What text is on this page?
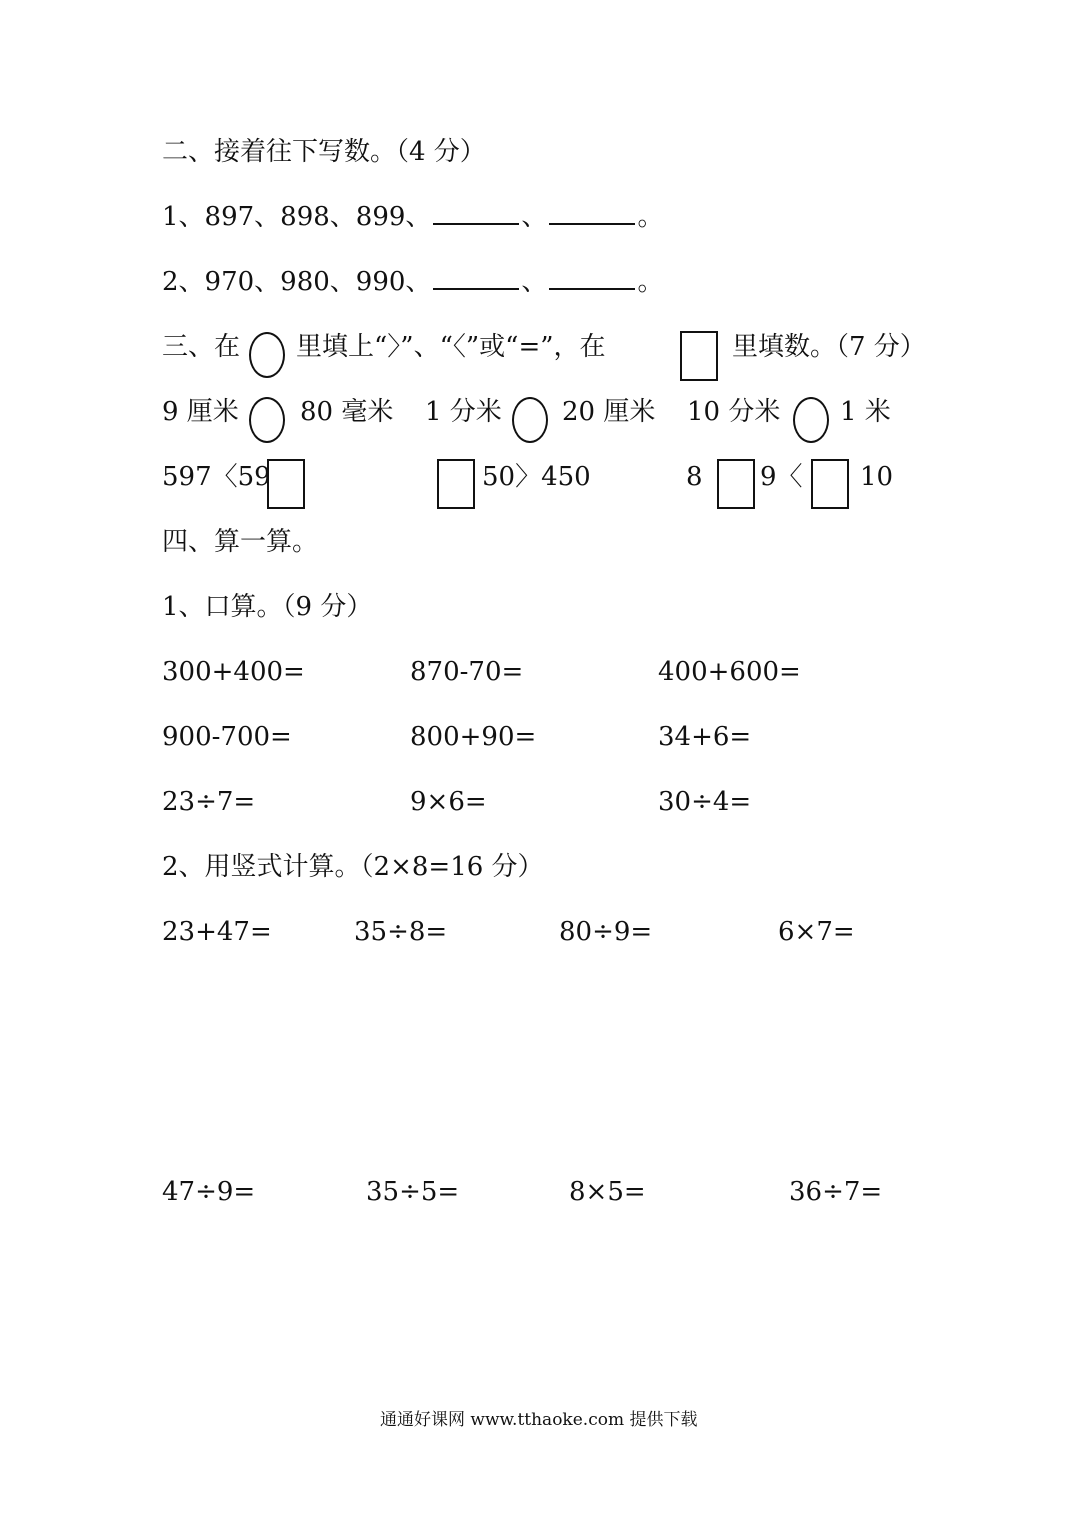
二、接着往下写数。（4 分）
1、897、898、899、	、	。
2、970、980、990、	、	。
三、在 里填上“〉”、“〈”或“=”，在	里填数。（7 分）
9 厘米 80 毫米 1 分米 20 厘米 10 分米 1 米
597〈59	50〉450	8 9〈 10
四、算一算。
1、口算。（9 分）
300+400=	870-70=	400+600=
900-700=	800+90=	34+6=
23÷7=	9×6=	30÷4=
2、用竖式计算。（2×8=16 分）
23+47=	35÷8=	80÷9=	6×7=
47÷9=	35÷5=	8×5=	36÷7=
通通好课网 www.tthaoke.com 提供下载
